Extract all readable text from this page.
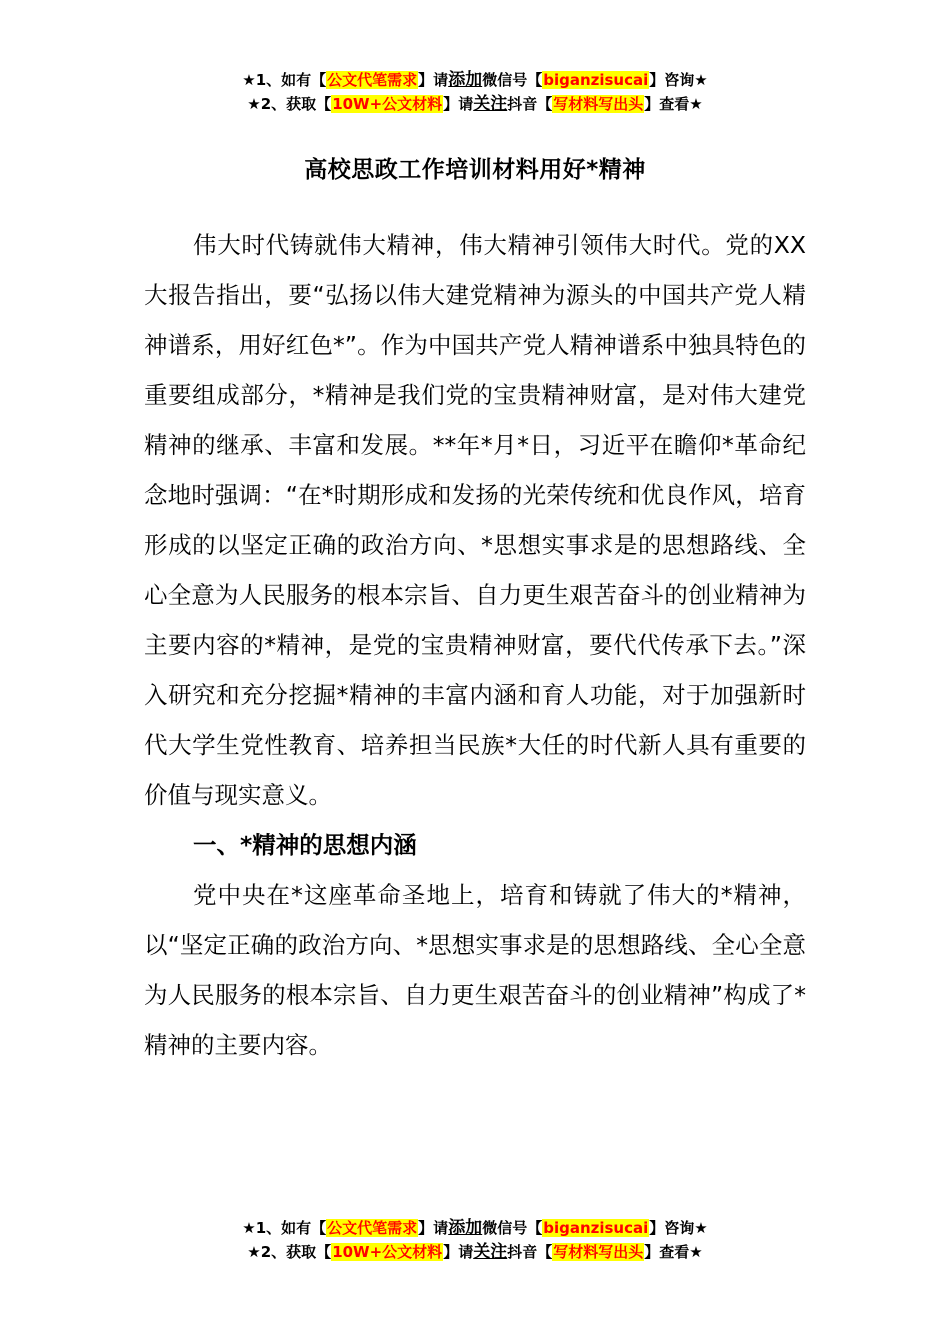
★1、如有【公文代笔需求】请添加微信号【biganzisucai】咨询★
★2、获取【10W+公文材料】请关注抖音【写材料写出头】查看★
高校思政工作培训材料用好*精神

伟大时代铸就伟大精神，伟大精神引领伟大时代。党的XX大报告指出，要“弘扬以伟大建党精神为源头的中国共产党人精神谱系，用好红色*”。作为中国共产党人精神谱系中独具特色的重要组成部分，*精神是我们党的宝贵精神财富，是对伟大建党精神的继承、丰富和发展。**年*月*日，习近平在瞻仰*革命纪念地时强调：“在*时期形成和发扬的光荣传统和优良作风，培育形成的以坚定正确的政治方向、*思想实事求是的思想路线、全心全意为人民服务的根本宗旨、自力更生艰苦奋斗的创业精神为主要内容的*精神，是党的宝贵精神财富，要代代传承下去。”深入研究和充分挖掘*精神的丰富内涵和育人功能，对于加强新时代大学生党性教育、培养担当民族*大任的时代新人具有重要的价值与现实意义。

一、*精神的思想内涵

党中央在*这座革命圣地上，培育和铸就了伟大的*精神，以“坚定正确的政治方向、*思想实事求是的思想路线、全心全意为人民服务的根本宗旨、自力更生艰苦奋斗的创业精神”构成了*精神的主要内容。

★1、如有【公文代笔需求】请添加微信号【biganzisucai】咨询★
★2、获取【10W+公文材料】请关注抖音【写材料写出头】查看★
